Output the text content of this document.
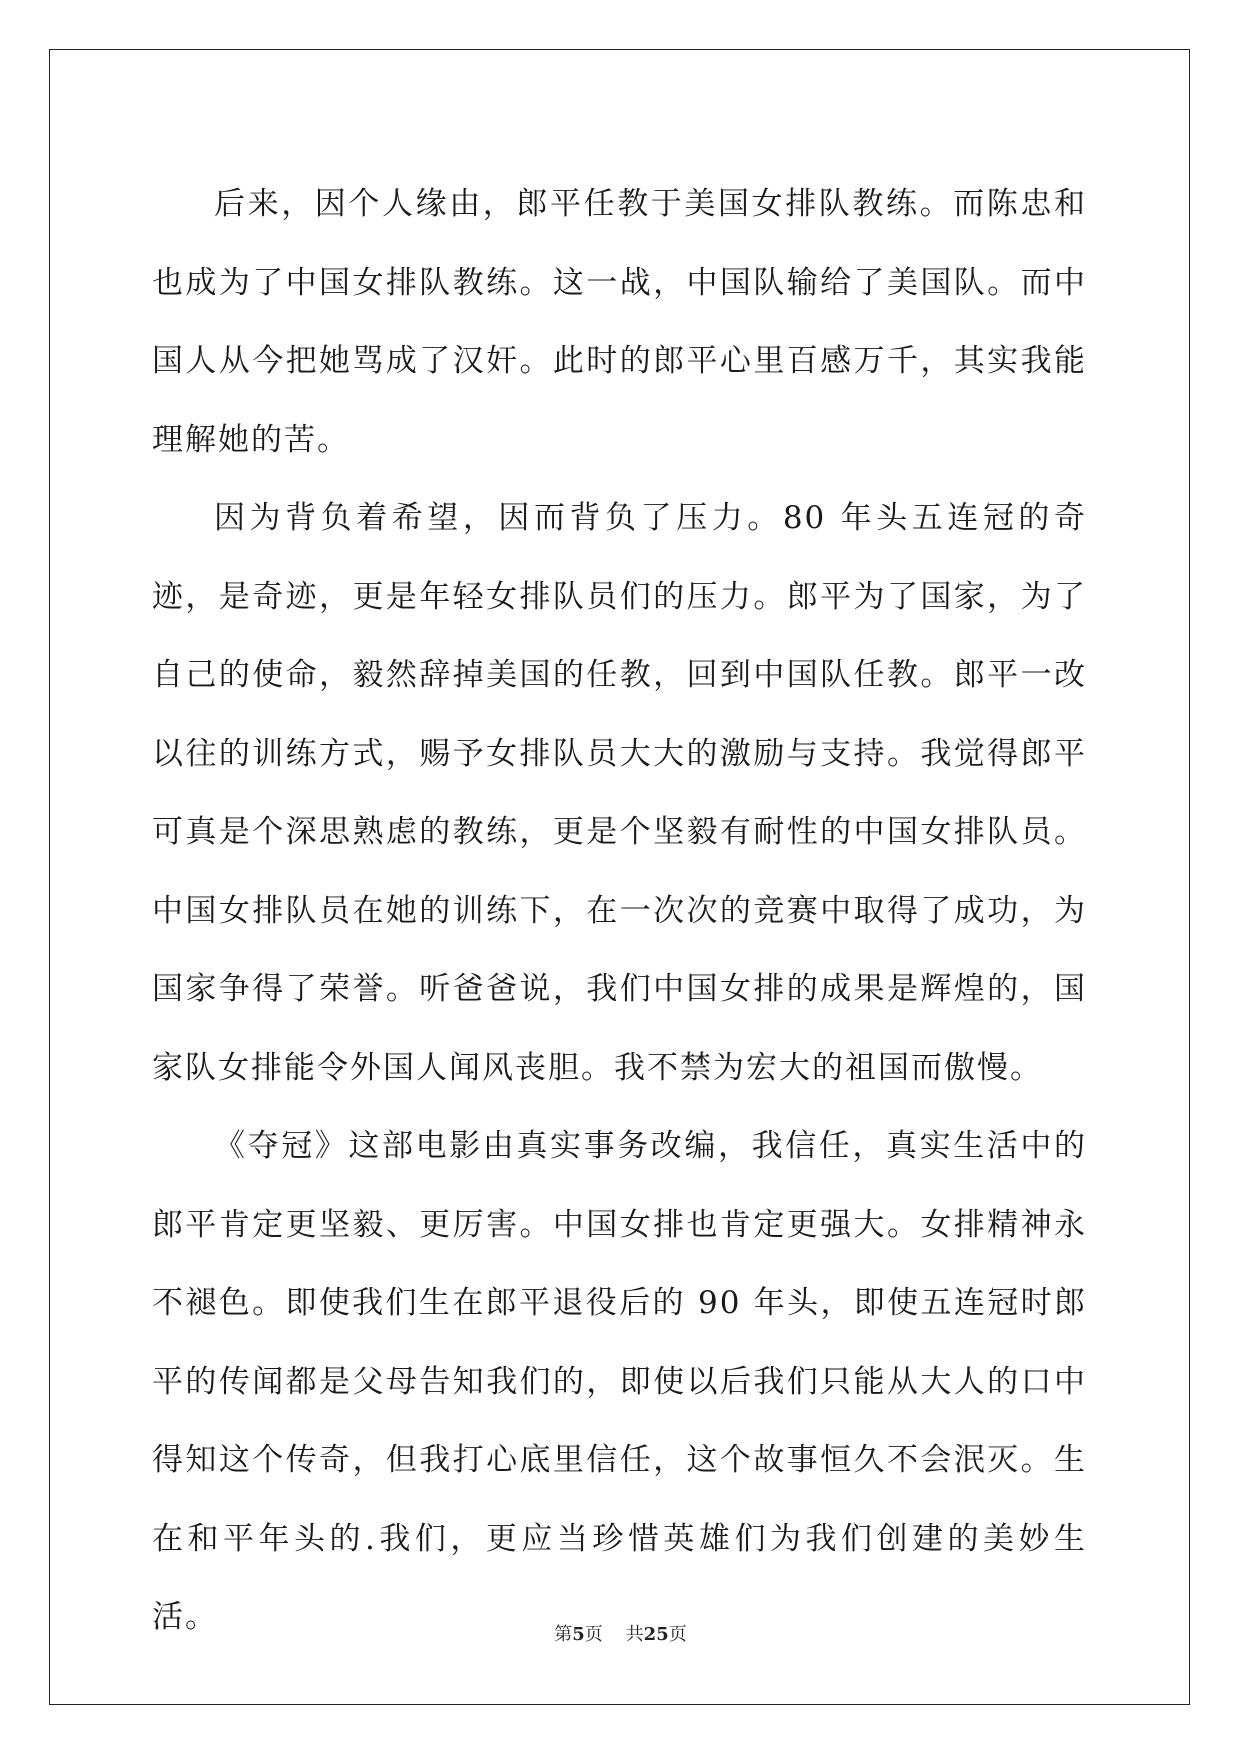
后来，因个人缘由，郎平任教于美国女排队教练。而陈忠和也成为了中国女排队教练。这一战，中国队输给了美国队。而中国人从今把她骂成了汉奸。此时的郎平心里百感万千，其实我能理解她的苦。

因为背负着希望，因而背负了压力。80 年头五连冠的奇迹，是奇迹，更是年轻女排队员们的压力。郎平为了国家，为了自己的使命，毅然辞掉美国的任教，回到中国队任教。郎平一改以往的训练方式，赐予女排队员大大的激励与支持。我觉得郎平可真是个深思熟虑的教练，更是个坚毅有耐性的中国女排队员。中国女排队员在她的训练下，在一次次的竞赛中取得了成功，为国家争得了荣誉。听爸爸说，我们中国女排的成果是辉煌的，国家队女排能令外国人闻风丧胆。我不禁为宏大的祖国而傲慢。

《夺冠》这部电影由真实事务改编，我信任，真实生活中的郎平肯定更坚毅、更厉害。中国女排也肯定更强大。女排精神永不褪色。即使我们生在郎平退役后的 90 年头，即使五连冠时郎平的传闻都是父母告知我们的，即使以后我们只能从大人的口中得知这个传奇，但我打心底里信任，这个故事恒久不会泯灭。生在和平年头的.我们，更应当珍惜英雄们为我们创建的美妙生活。	第5页 共25页
